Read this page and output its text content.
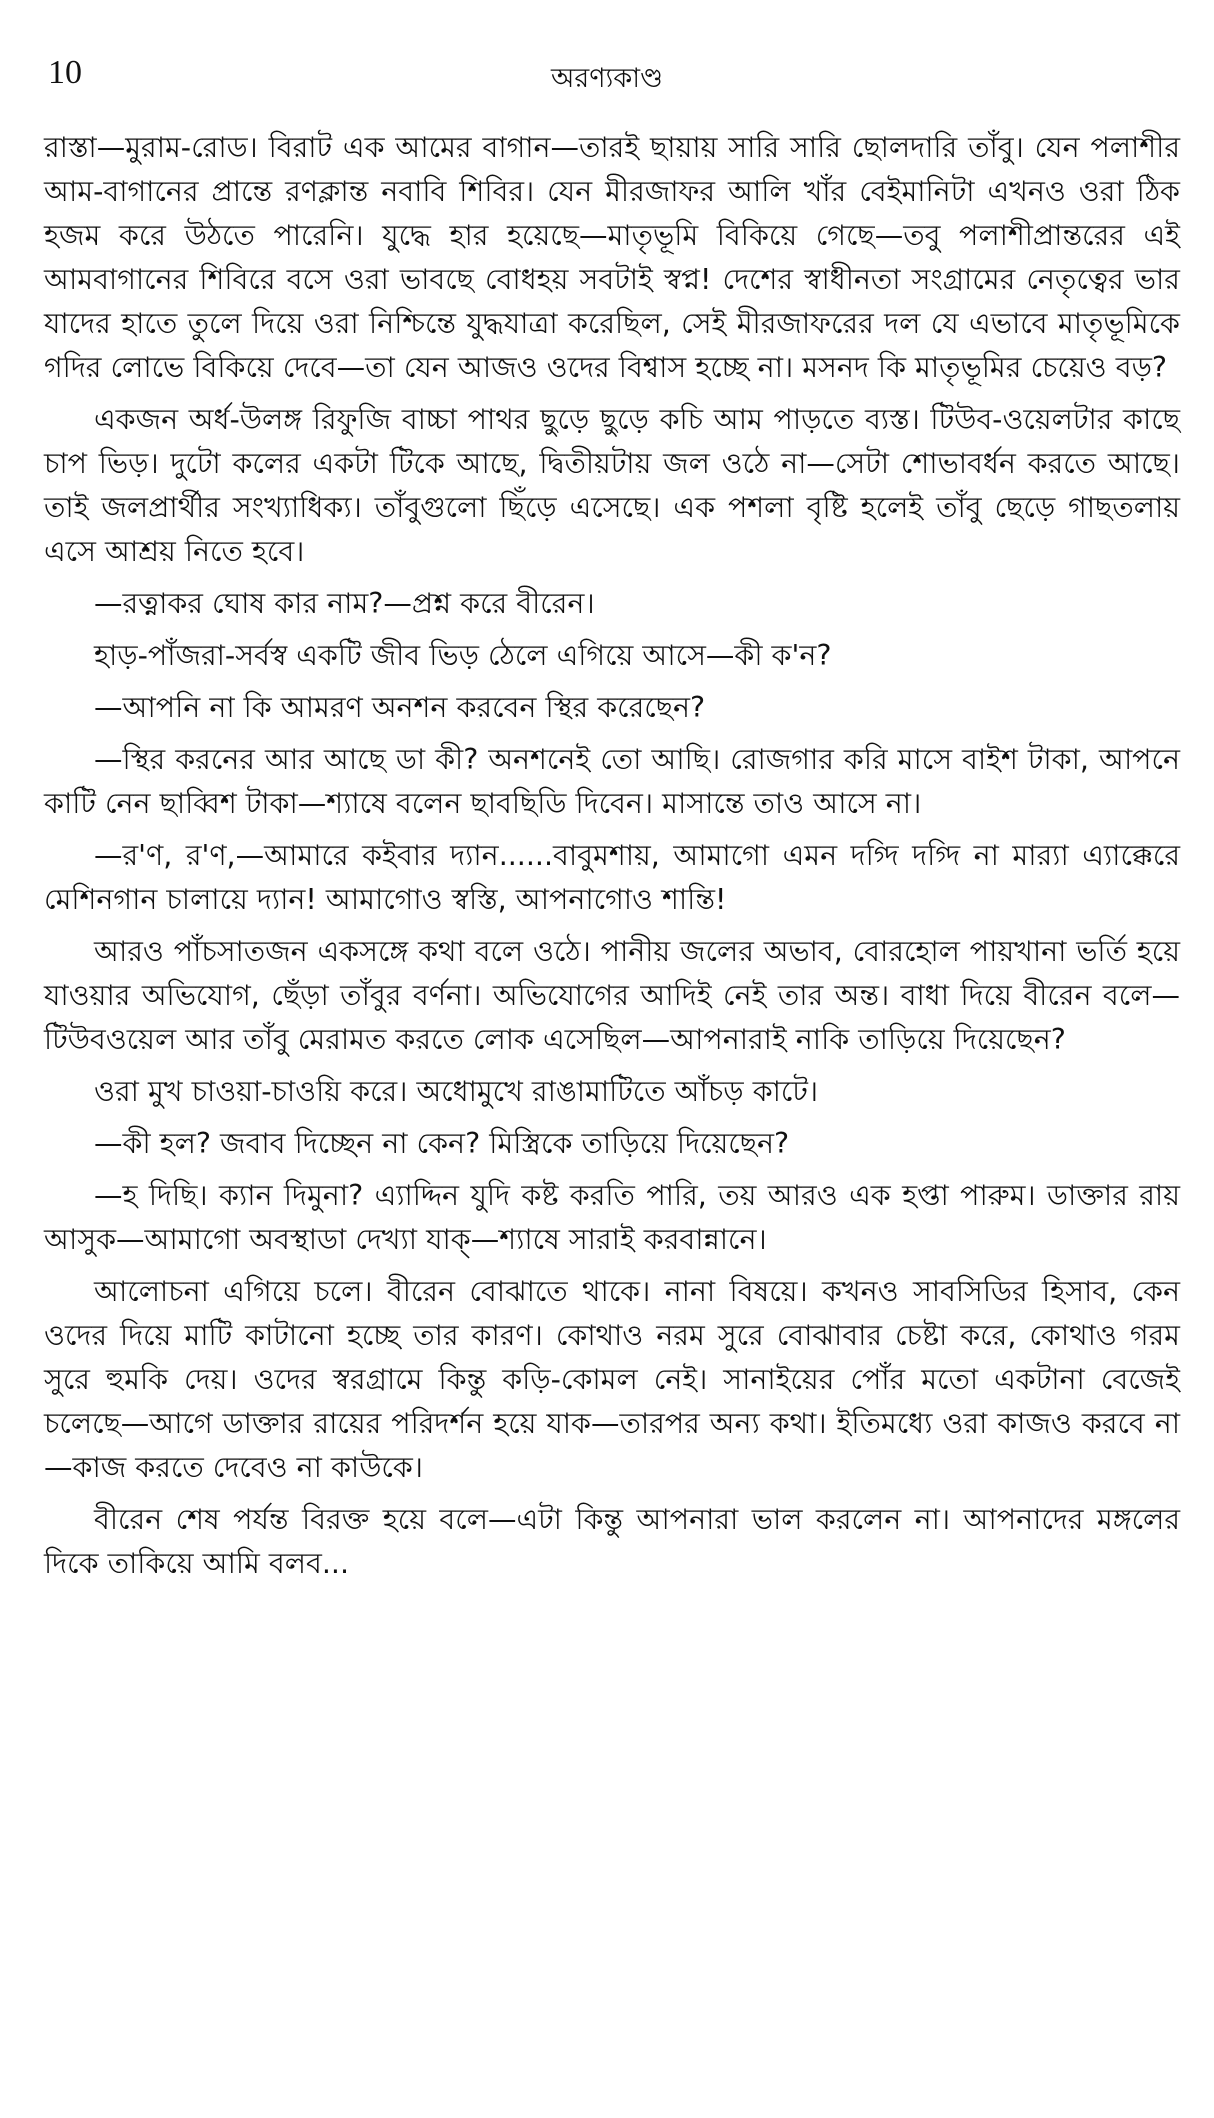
10	অরণ্যকাণ্ড

রাস্তা—মুরাম-রোড। বিরাট এক আমের বাগান—তারই ছায়ায় সারি সারি ছোলদারি তাঁবু। যেন পলাশীর আম-বাগানের প্রান্তে রণক্লান্ত নবাবি শিবির। যেন মীরজাফর আলি খাঁর বেইমানিটা এখনও ওরা ঠিক হজম করে উঠতে পারেনি। যুদ্ধে হার হয়েছে—মাতৃভূমি বিকিয়ে গেছে—তবু পলাশীপ্রান্তরের এই আমবাগানের শিবিরে বসে ওরা ভাবছে বোধহয় সবটাই স্বপ্ন! দেশের স্বাধীনতা সংগ্রামের নেতৃত্বের ভার যাদের হাতে তুলে দিয়ে ওরা নিশ্চিন্তে যুদ্ধযাত্রা করেছিল, সেই মীরজাফরের দল যে এভাবে মাতৃভূমিকে গদির লোভে বিকিয়ে দেবে—তা যেন আজও ওদের বিশ্বাস হচ্ছে না। মসনদ কি মাতৃভূমির চেয়েও বড়?

একজন অর্ধ-উলঙ্গ রিফুজি বাচ্চা পাথর ছুড়ে ছুড়ে কচি আম পাড়তে ব্যস্ত। টিউব-ওয়েলটার কাছে চাপ ভিড়। দুটো কলের একটা টিকে আছে, দ্বিতীয়টায় জল ওঠে না—সেটা শোভাবর্ধন করতে আছে। তাই জলপ্রার্থীর সংখ্যাধিক্য। তাঁবুগুলো ছিঁড়ে এসেছে। এক পশলা বৃষ্টি হলেই তাঁবু ছেড়ে গাছতলায় এসে আশ্রয় নিতে হবে।

—রত্নাকর ঘোষ কার নাম?—প্রশ্ন করে বীরেন।

হাড়-পাঁজরা-সর্বস্ব একটি জীব ভিড় ঠেলে এগিয়ে আসে—কী ক'ন?

—আপনি না কি আমরণ অনশন করবেন স্থির করেছেন?

—স্থির করনের আর আছে ডা কী? অনশনেই তো আছি। রোজগার করি মাসে বাইশ টাকা, আপনে কাটি নেন ছাব্বিশ টাকা—শ্যাষে বলেন ছাবছিডি দিবেন। মাসান্তে তাও আসে না।

—র'ণ, র'ণ,—আমারে কইবার দ্যান......বাবুমশায়, আমাগো এমন দগ্দি দগ্দি না মার‍্যা এ্যাক্কেরে মেশিনগান চালায়ে দ্যান! আমাগোও স্বস্তি, আপনাগোও শান্তি!

আরও পাঁচসাতজন একসঙ্গে কথা বলে ওঠে। পানীয় জলের অভাব, বোরহোল পায়খানা ভর্তি হয়ে যাওয়ার অভিযোগ, ছেঁড়া তাঁবুর বর্ণনা। অভিযোগের আদিই নেই তার অন্ত। বাধা দিয়ে বীরেন বলে—টিউবওয়েল আর তাঁবু মেরামত করতে লোক এসেছিল—আপনারাই নাকি তাড়িয়ে দিয়েছেন?

ওরা মুখ চাওয়া-চাওয়ি করে। অধোমুখে রাঙামাটিতে আঁচড় কাটে।

—কী হল? জবাব দিচ্ছেন না কেন? মিস্ত্রিকে তাড়িয়ে দিয়েছেন?

—হ দিছি। ক্যান দিমুনা? এ্যাদ্দিন যুদি কষ্ট করতি পারি, তয় আরও এক হপ্তা পারুম। ডাক্তার রায় আসুক—আমাগো অবস্থাডা দেখ্যা যাক্—শ্যাষে সারাই করবান্নানে।

আলোচনা এগিয়ে চলে। বীরেন বোঝাতে থাকে। নানা বিষয়ে। কখনও সাবসিডির হিসাব, কেন ওদের দিয়ে মাটি কাটানো হচ্ছে তার কারণ। কোথাও নরম সুরে বোঝাবার চেষ্টা করে, কোথাও গরম সুরে হুমকি দেয়। ওদের স্বরগ্রামে কিন্তু কড়ি-কোমল নেই। সানাইয়ের পোঁর মতো একটানা বেজেই চলেছে—আগে ডাক্তার রায়ের পরিদর্শন হয়ে যাক—তারপর অন্য কথা। ইতিমধ্যে ওরা কাজও করবে না—কাজ করতে দেবেও না কাউকে।

বীরেন শেষ পর্যন্ত বিরক্ত হয়ে বলে—এটা কিন্তু আপনারা ভাল করলেন না। আপনাদের মঙ্গলের দিকে তাকিয়ে আমি বলব...
